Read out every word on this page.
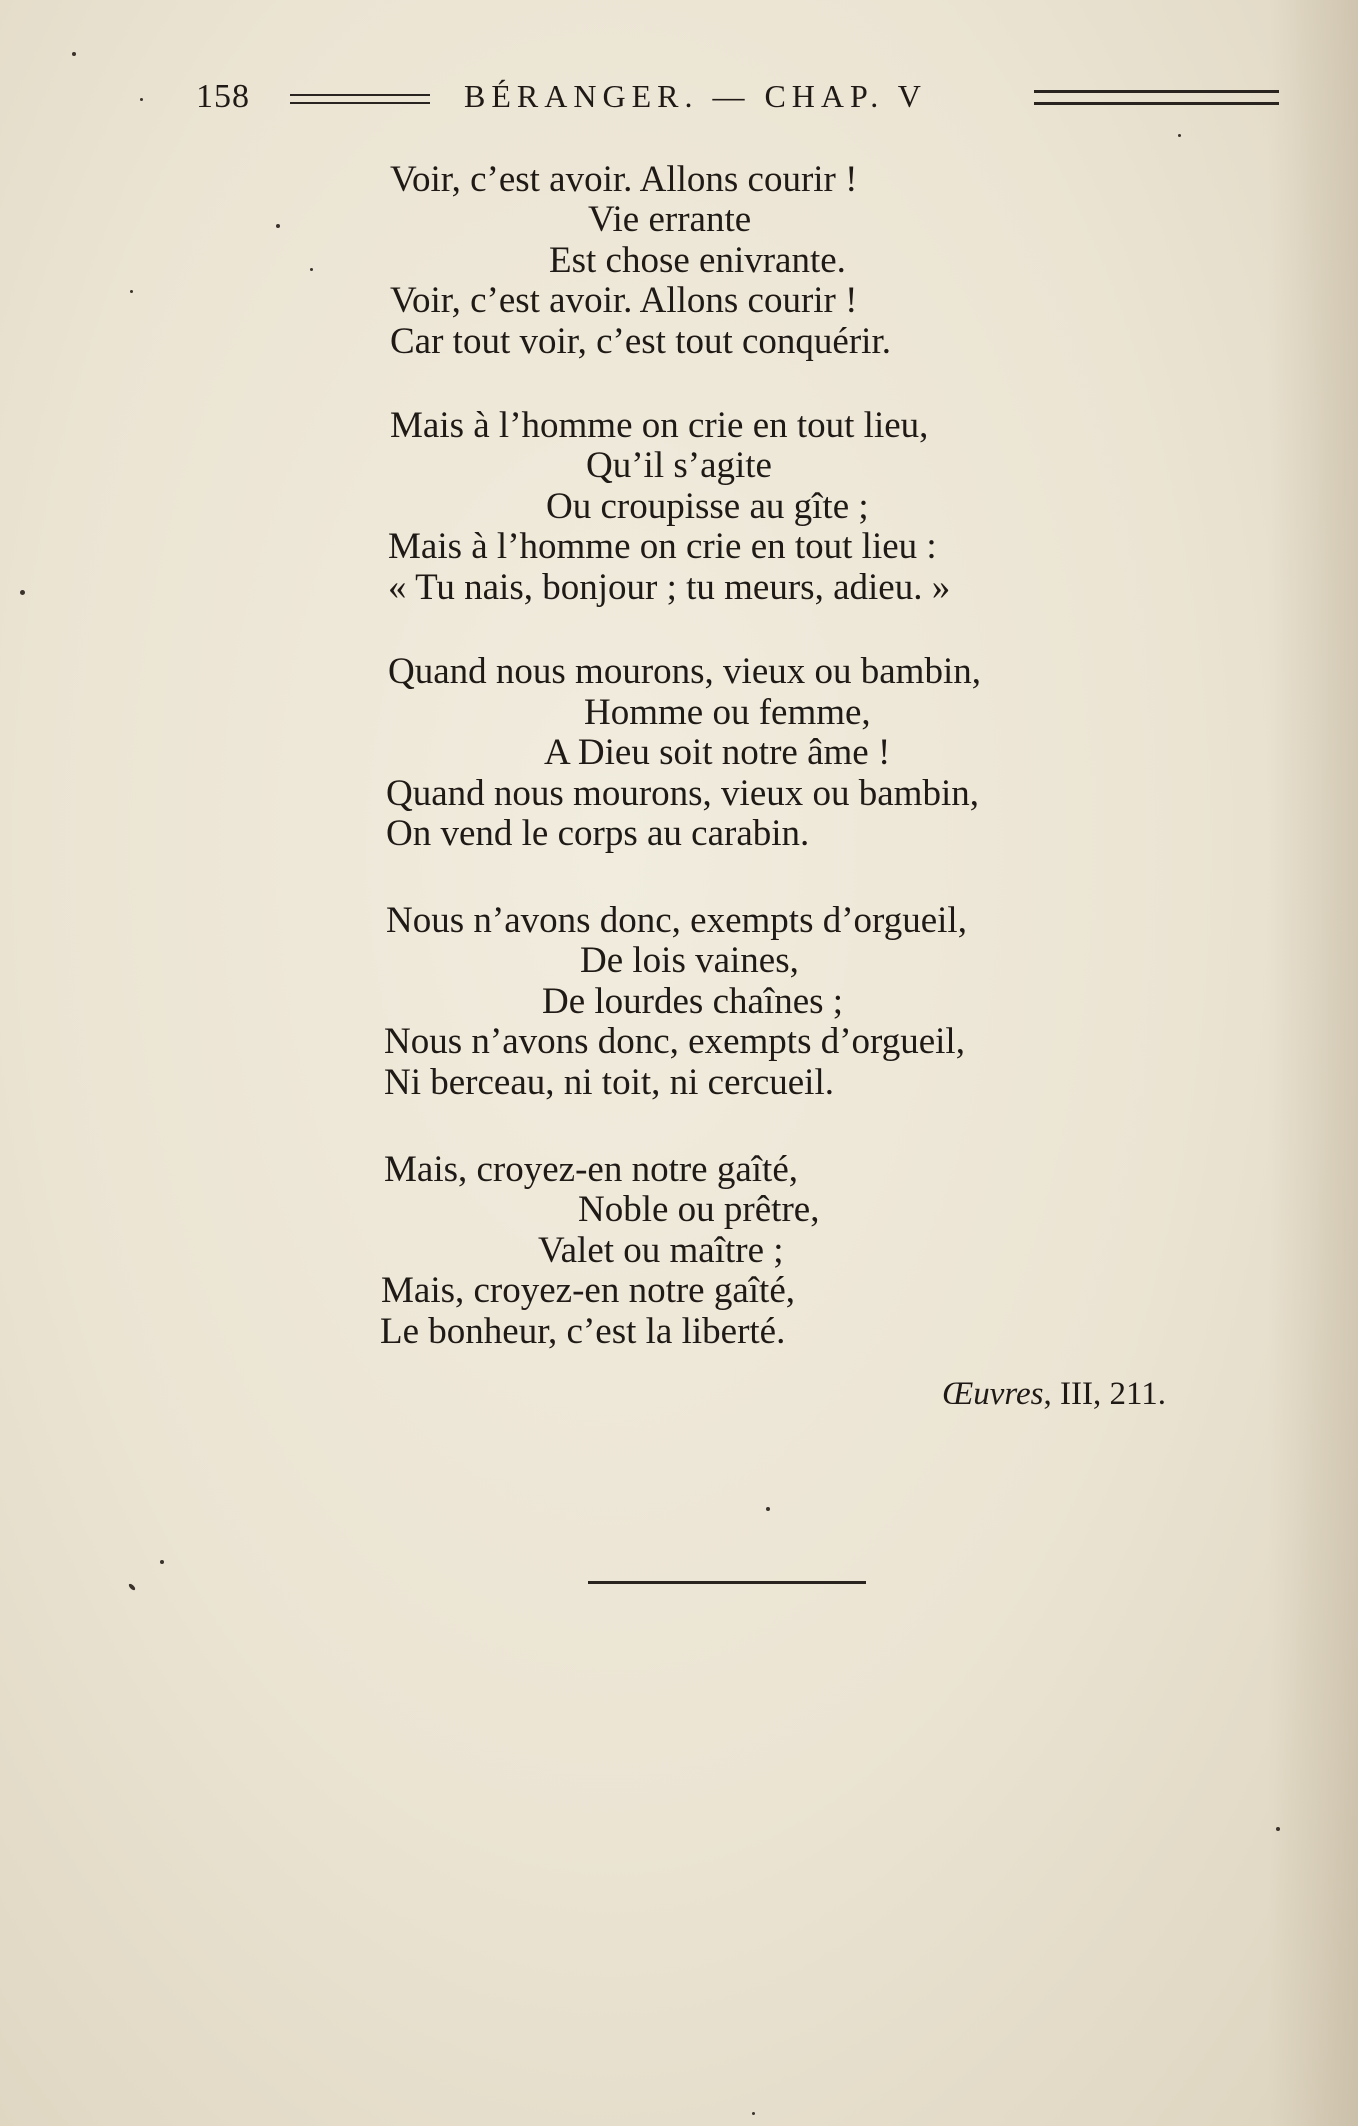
158	BÉRANGER. — CHAP. V
Voir, c’est avoir. Allons courir !
Vie errante
Est chose enivrante.
Voir, c’est avoir. Allons courir !
Car tout voir, c’est tout conquérir.
Mais à l’homme on crie en tout lieu,
Qu’il s’agite
Ou croupisse au gîte ;
Mais à l’homme on crie en tout lieu :
« Tu nais, bonjour ; tu meurs, adieu. »
Quand nous mourons, vieux ou bambin,
Homme ou femme,
A Dieu soit notre âme !
Quand nous mourons, vieux ou bambin,
On vend le corps au carabin.
Nous n’avons donc, exempts d’orgueil,
De lois vaines,
De lourdes chaînes ;
Nous n’avons donc, exempts d’orgueil,
Ni berceau, ni toit, ni cercueil.
Mais, croyez-en notre gaîté,
Noble ou prêtre,
Valet ou maître ;
Mais, croyez-en notre gaîté,
Le bonheur, c’est la liberté.
Œuvres, III, 211.
